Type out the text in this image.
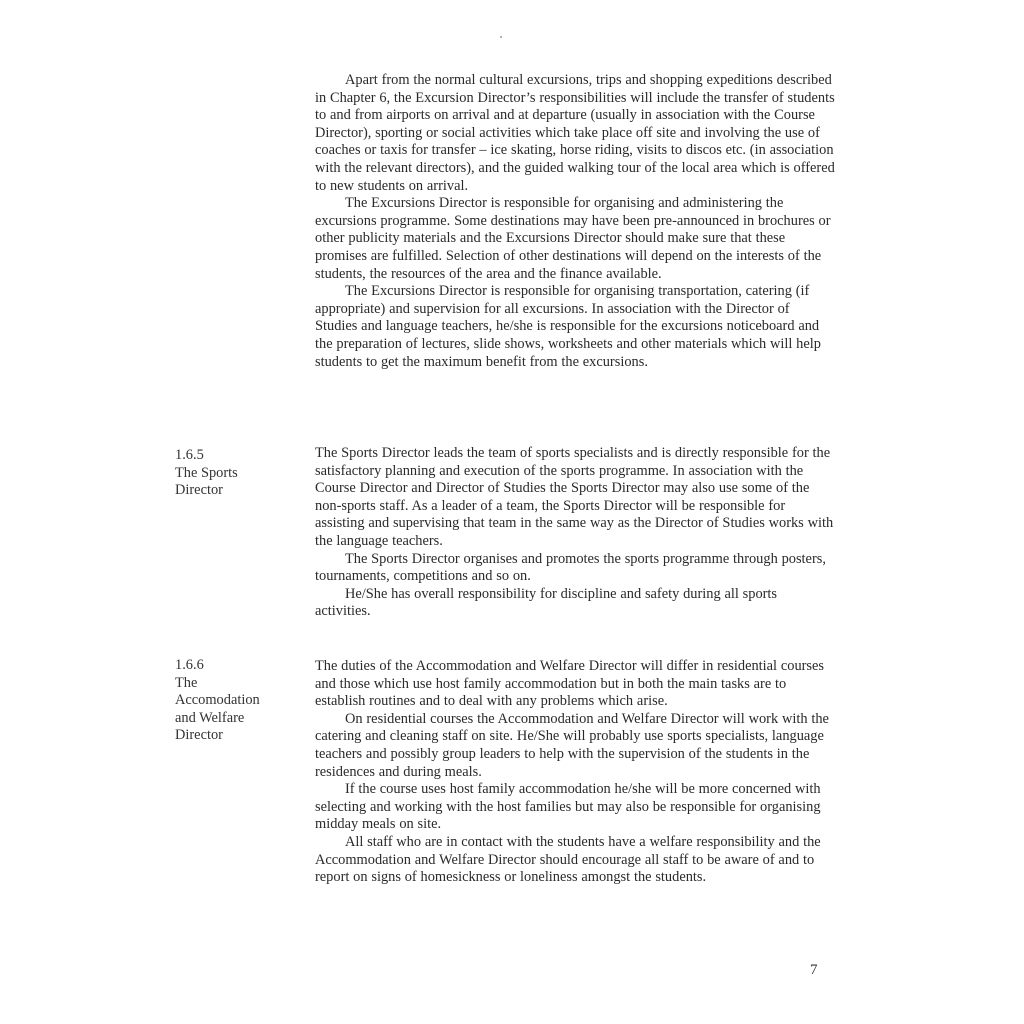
Apart from the normal cultural excursions, trips and shopping expeditions described in Chapter 6, the Excursion Director’s responsibilities will include the transfer of students to and from airports on arrival and at departure (usually in association with the Course Director), sporting or social activities which take place off site and involving the use of coaches or taxis for transfer – ice skating, horse riding, visits to discos etc. (in association with the relevant directors), and the guided walking tour of the local area which is offered to new students on arrival.

The Excursions Director is responsible for organising and administering the excursions programme. Some destinations may have been pre-announced in brochures or other publicity materials and the Excursions Director should make sure that these promises are fulfilled. Selection of other destinations will depend on the interests of the students, the resources of the area and the finance available.

The Excursions Director is responsible for organising transportation, catering (if appropriate) and supervision for all excursions. In association with the Director of Studies and language teachers, he/she is responsible for the excursions noticeboard and the preparation of lectures, slide shows, worksheets and other materials which will help students to get the maximum benefit from the excursions.

1.6.5
The Sports
Director

The Sports Director leads the team of sports specialists and is directly responsible for the satisfactory planning and execution of the sports programme. In association with the Course Director and Director of Studies the Sports Director may also use some of the non-sports staff. As a leader of a team, the Sports Director will be responsible for assisting and supervising that team in the same way as the Director of Studies works with the language teachers.

The Sports Director organises and promotes the sports programme through posters, tournaments, competitions and so on.

He/She has overall responsibility for discipline and safety during all sports activities.

1.6.6
The
Accomodation
and Welfare
Director

The duties of the Accommodation and Welfare Director will differ in residential courses and those which use host family accommodation but in both the main tasks are to establish routines and to deal with any problems which arise.

On residential courses the Accommodation and Welfare Director will work with the catering and cleaning staff on site. He/She will probably use sports specialists, language teachers and possibly group leaders to help with the supervision of the students in the residences and during meals.

If the course uses host family accommodation he/she will be more concerned with selecting and working with the host families but may also be responsible for organising midday meals on site.

All staff who are in contact with the students have a welfare responsibility and the Accommodation and Welfare Director should encourage all staff to be aware of and to report on signs of homesickness or loneliness amongst the students.

7
